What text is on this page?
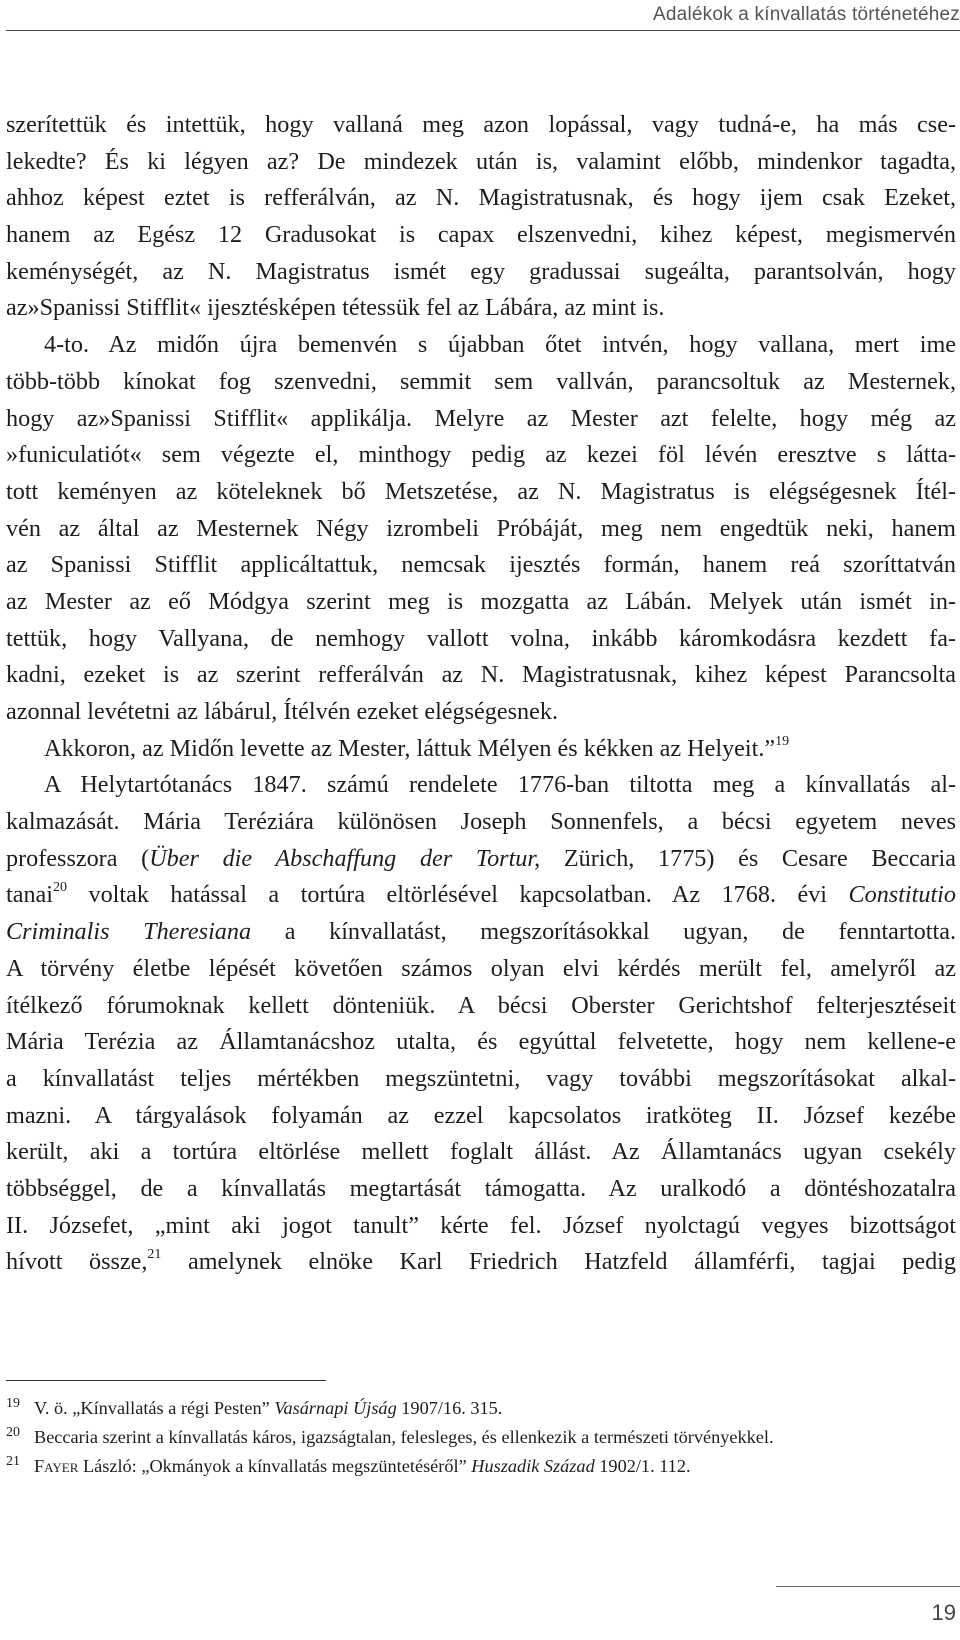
Adalékok a kínvallatás történetéhez
szerítettük és intettük, hogy vallaná meg azon lopással, vagy tudná-e, ha más cse-
lekedte? És ki légyen az? De mindezek után is, valamint előbb, mindenkor tagadta,
ahhoz képest eztet is refferálván, az N. Magistratusnak, és hogy ijem csak Ezeket,
hanem az Egész 12 Gradusokat is capax elszenvedni, kihez képest, megismervén
keménységét, az N. Magistratus ismét egy gradussai sugeálta, parantsolván, hogy
az»Spanissi Stifflit« ijesztésképen tétessük fel az Lábára, az mint is.
4-to. Az midőn újra bemenvén s újabban őtet intvén, hogy vallana, mert ime
több-több kínokat fog szenvedni, semmit sem vallván, parancsoltuk az Mesternek,
hogy az»Spanissi Stifflit« applikálja. Melyre az Mester azt felelte, hogy még az
»funiculatiót« sem végezte el, minthogy pedig az kezei föl lévén eresztve s látta-
tott keményen az köteleknek bő Metszetése, az N. Magistratus is elégségesnek Ítél-
vén az által az Mesternek Négy izrombeli Próbáját, meg nem engedtük neki, hanem
az Spanissi Stifflit applicáltattuk, nemcsak ijesztés formán, hanem reá szoríttatván
az Mester az eő Módgya szerint meg is mozgatta az Lábán. Melyek után ismét in-
tettük, hogy Vallyana, de nemhogy vallott volna, inkább káromkodásra kezdett fa-
kadni, ezeket is az szerint refferálván az N. Magistratusnak, kihez képest Parancsolta
azonnal levétetni az lábárul, Ítélvén ezeket elégségesnek.
Akkoron, az Midőn levette az Mester, láttuk Mélyen és kékken az Helyeit.”$^{19}$
A Helytartótanács 1847. számú rendelete 1776-ban tiltotta meg a kínvallatás al-
kalmazását. Mária Teréziára különösen Joseph Sonnenfels, a bécsi egyetem neves
professzora (Über die Abschaffung der Tortur, Zürich, 1775) és Cesare Beccaria
tanai$^{20}$ voltak hatással a tortúra eltörlésével kapcsolatban. Az 1768. évi Constitutio
Criminalis Theresiana a kínvallatást, megszorításokkal ugyan, de fenntartotta.
A törvény életbe lépését követően számos olyan elvi kérdés merült fel, amelyről az
ítélkező fórumoknak kellett dönteniük. A bécsi Oberster Gerichtshof felterjesztéseit
Mária Terézia az Államtanácshoz utalta, és egyúttal felvetette, hogy nem kellene-e
a kínvallatást teljes mértékben megszüntetni, vagy további megszorításokat alkal-
mazni. A tárgyalások folyamán az ezzel kapcsolatos iratköteg II. József kezébe
került, aki a tortúra eltörlése mellett foglalt állást. Az Államtanács ugyan csekély
többséggel, de a kínvallatás megtartását támogatta. Az uralkodó a döntéshozatalra
II. Józsefet, „mint aki jogot tanult” kérte fel. József nyolctagú vegyes bizottságot
hívott össze,$^{21}$ amelynek elnöke Karl Friedrich Hatzfeld államférfi, tagjai pedig
19 V. ö. „Kínvallatás a régi Pesten” Vasárnapi Újság 1907/16. 315.
20 Beccaria szerint a kínvallatás káros, igazságtalan, felesleges, és ellenkezik a természeti törvényekkel.
21 Fayer László: „Okmányok a kínvallatás megszüntetéséről” Huszadik Század 1902/1. 112.
19
